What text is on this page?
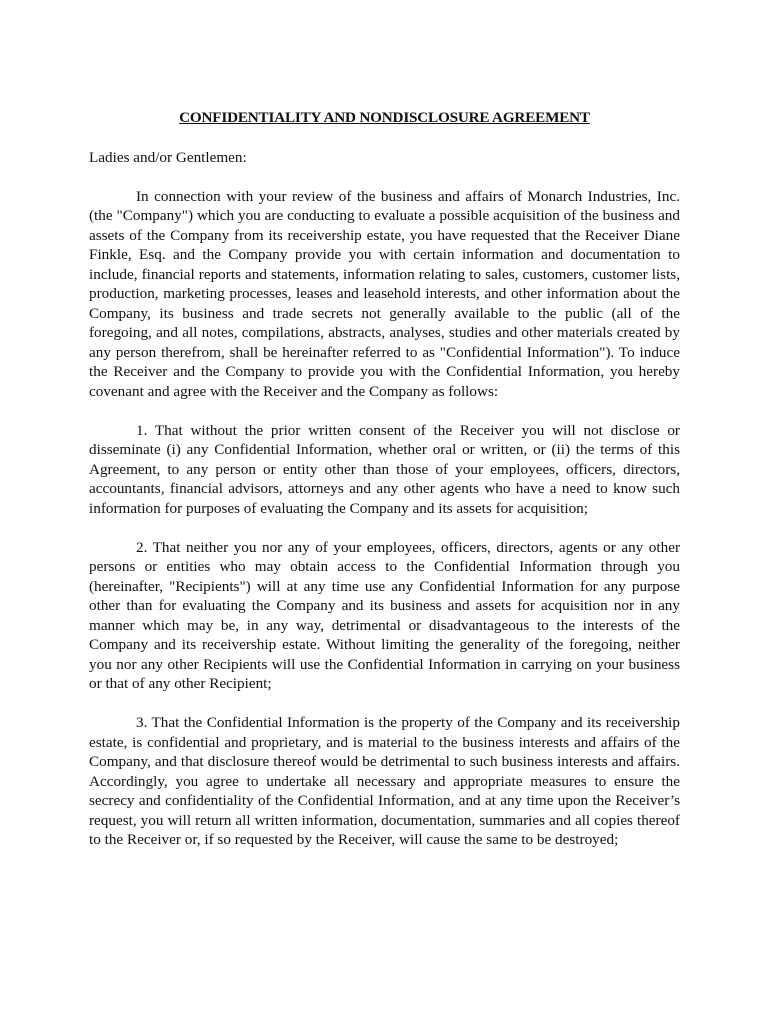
CONFIDENTIALITY AND NONDISCLOSURE AGREEMENT
Ladies and/or Gentlemen:
In connection with your review of the business and affairs of Monarch Industries, Inc. (the "Company") which you are conducting to evaluate a possible acquisition of the business and assets of the Company from its receivership estate, you have requested that the Receiver Diane Finkle, Esq. and the Company provide you with certain information and documentation to include, financial reports and statements, information relating to sales, customers, customer lists, production, marketing processes, leases and leasehold interests, and other information about the Company, its business and trade secrets not generally available to the public (all of the foregoing, and all notes, compilations, abstracts, analyses, studies and other materials created by any person therefrom, shall be hereinafter referred to as "Confidential Information"). To induce the Receiver and the Company to provide you with the Confidential Information, you hereby covenant and agree with the Receiver and the Company as follows:
1. That without the prior written consent of the Receiver you will not disclose or disseminate (i) any Confidential Information, whether oral or written, or (ii) the terms of this Agreement, to any person or entity other than those of your employees, officers, directors, accountants, financial advisors, attorneys and any other agents who have a need to know such information for purposes of evaluating the Company and its assets for acquisition;
2. That neither you nor any of your employees, officers, directors, agents or any other persons or entities who may obtain access to the Confidential Information through you (hereinafter, "Recipients") will at any time use any Confidential Information for any purpose other than for evaluating the Company and its business and assets for acquisition nor in any manner which may be, in any way, detrimental or disadvantageous to the interests of the Company and its receivership estate. Without limiting the generality of the foregoing, neither you nor any other Recipients will use the Confidential Information in carrying on your business or that of any other Recipient;
3. That the Confidential Information is the property of the Company and its receivership estate, is confidential and proprietary, and is material to the business interests and affairs of the Company, and that disclosure thereof would be detrimental to such business interests and affairs. Accordingly, you agree to undertake all necessary and appropriate measures to ensure the secrecy and confidentiality of the Confidential Information, and at any time upon the Receiver’s request, you will return all written information, documentation, summaries and all copies thereof to the Receiver or, if so requested by the Receiver, will cause the same to be destroyed;
